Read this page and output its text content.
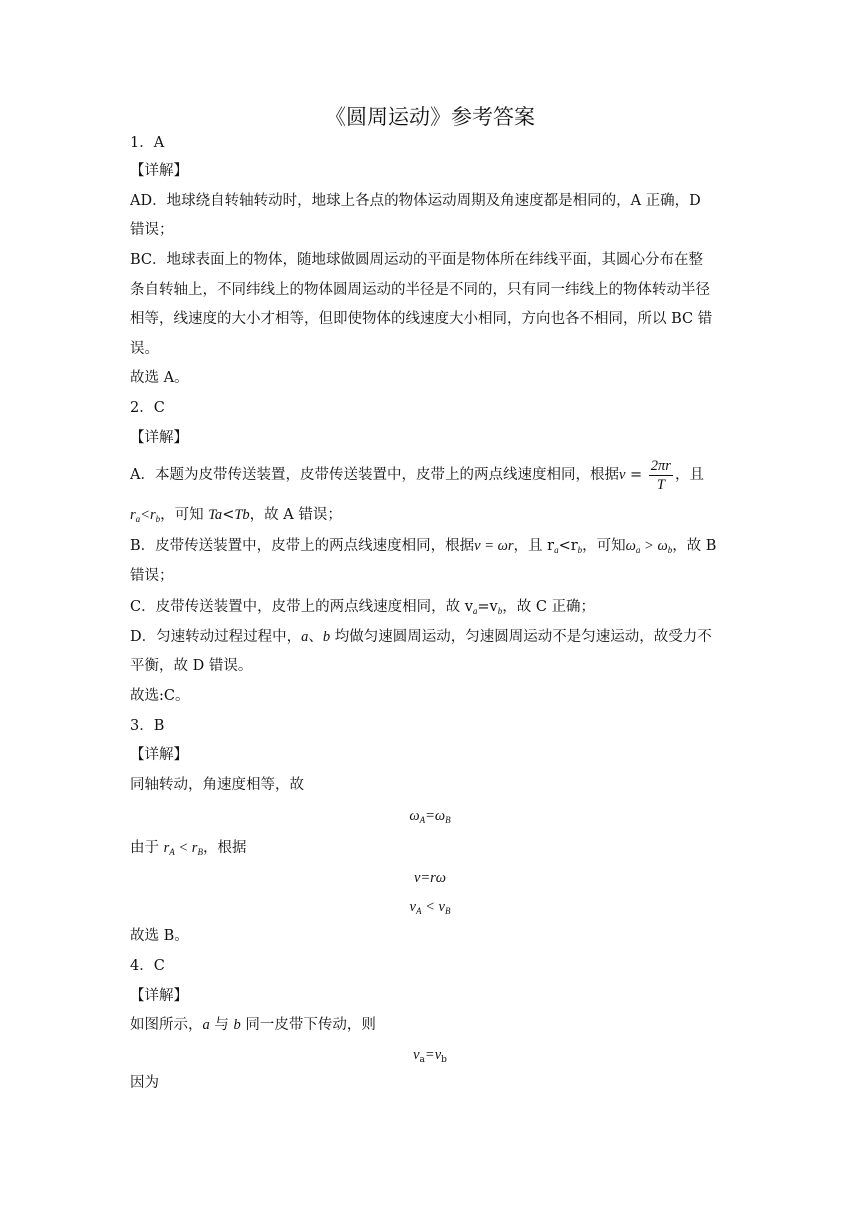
《圆周运动》参考答案
1．A
【详解】
AD．地球绕自转轴转动时，地球上各点的物体运动周期及角速度都是相同的，A 正确，D
错误；
BC．地球表面上的物体，随地球做圆周运动的平面是物体所在纬线平面，其圆心分布在整
条自转轴上，不同纬线上的物体圆周运动的半径是不同的，只有同一纬线上的物体转动半径
相等，线速度的大小才相等，但即使物体的线速度大小相同，方向也各不相同，所以 BC 错
误。
故选 A。
2．C
【详解】
A．本题为皮带传送装置，皮带传送装置中，皮带上的两点线速度相同，根据$v = \frac{2\pi r}{T}$ ，且
$r_a<r_b$，可知 Ta<Tb，故 A 错误；
B．皮带传送装置中，皮带上的两点线速度相同，根据v = ωr，且 $r_a<r_b$，可知$\omega_a > \omega_b$，故 B
错误；
C．皮带传送装置中，皮带上的两点线速度相同，故 $v_a=v_b$，故 C 正确；
D．匀速转动过程过程中，a、b 均做匀速圆周运动，匀速圆周运动不是匀速运动，故受力不
平衡，故 D 错误。
故选:C。
3．B
【详解】
同轴转动，角速度相等，故
$\omega_A=\omega_B$
由于 $r_A < r_B$，根据
v=rω
$v_A < v_B$
故选 B。
4．C
【详解】
如图所示，a 与 b 同一皮带下传动，则
$v_a=v_b$
因为
